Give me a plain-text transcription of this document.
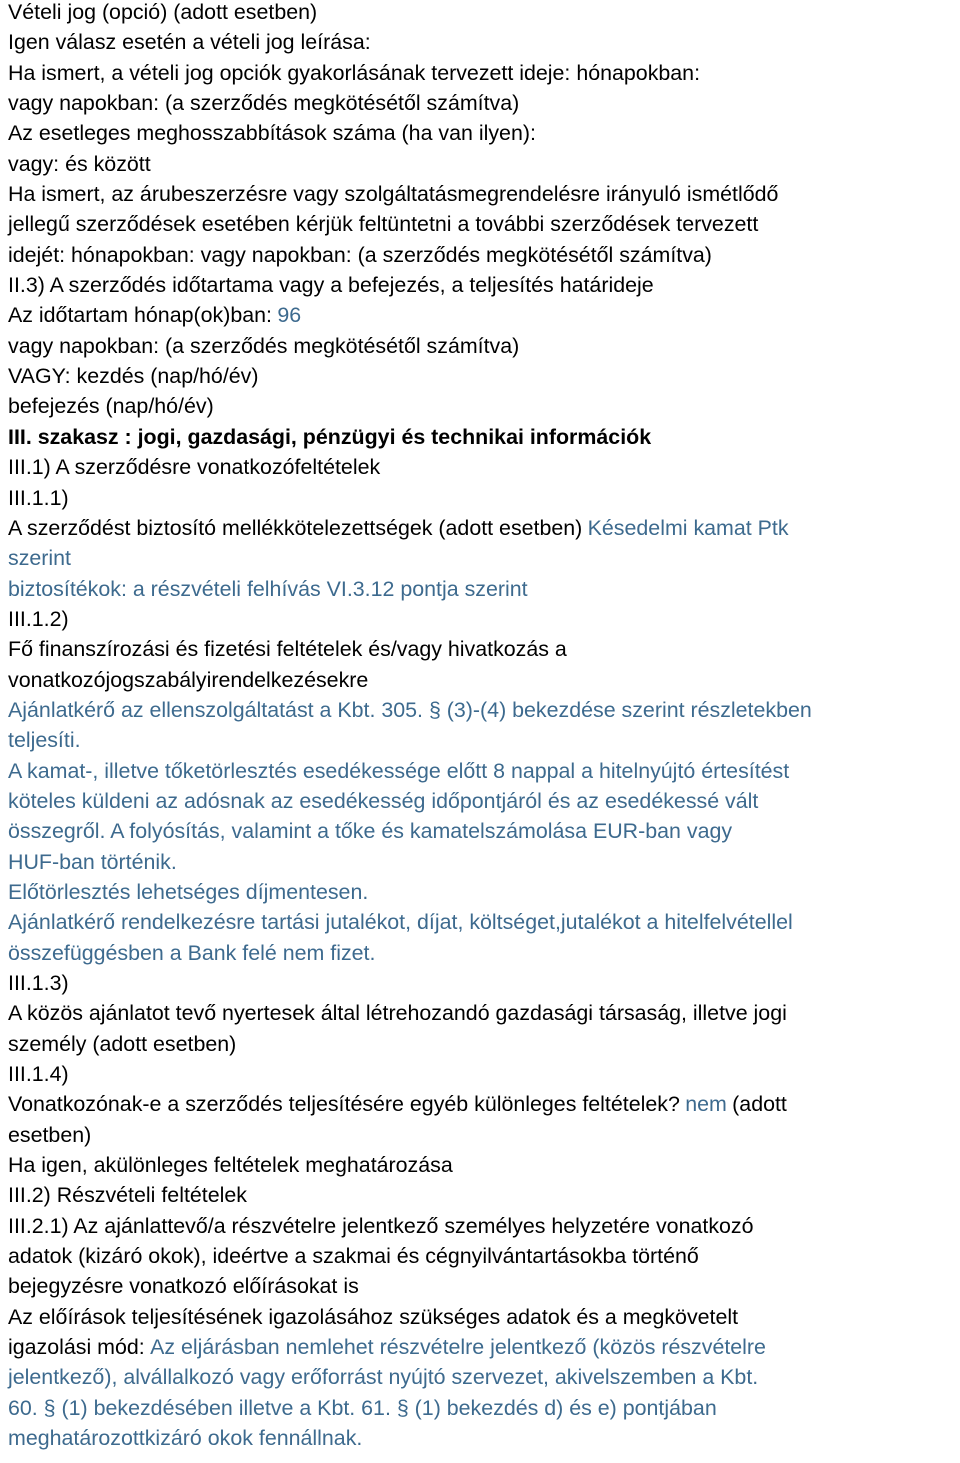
Vételi jog (opció) (adott esetben)
Igen válasz esetén a vételi jog leírása:
Ha ismert, a vételi jog opciók gyakorlásának tervezett ideje: hónapokban:
vagy napokban: (a szerződés megkötésétől számítva)
Az esetleges meghosszabbítások száma (ha van ilyen):
vagy: és között
Ha ismert, az árubeszerzésre vagy szolgáltatásmegrendelésre irányuló ismétlődő
jellegű szerződések esetében kérjük feltüntetni a további szerződések tervezett
idejét: hónapokban: vagy napokban: (a szerződés megkötésétől számítva)
II.3) A szerződés időtartama vagy a befejezés, a teljesítés határideje
Az időtartam hónap(ok)ban: 96
vagy napokban: (a szerződés megkötésétől számítva)
VAGY: kezdés (nap/hó/év)
befejezés (nap/hó/év)
III. szakasz : jogi, gazdasági, pénzügyi és technikai információk
III.1) A szerződésre vonatkozófeltételek
III.1.1)
A szerződést biztosító mellékkötelezettségek (adott esetben) Késedelmi kamat Ptk
szerint
biztosítékok: a részvételi felhívás VI.3.12 pontja szerint
III.1.2)
Fő finanszírozási és fizetési feltételek és/vagy hivatkozás a
vonatkozójogszabályirendelkezésekre
Ajánlatkérő az ellenszolgáltatást a Kbt. 305. § (3)-(4) bekezdése szerint részletekben
teljesíti.
A kamat-, illetve tőketörlesztés esedékessége előtt 8 nappal a hitelnyújtó értesítést
köteles küldeni az adósnak az esedékesség időpontjáról és az esedékessé vált
összegről. A folyósítás, valamint a tőke és kamatelszámolása EUR-ban vagy
HUF-ban történik.
Előtörlesztés lehetséges díjmentesen.
Ajánlatkérő rendelkezésre tartási jutalékot, díjat, költséget,jutalékot a hitelfelvétellel
összefüggésben a Bank felé nem fizet.
III.1.3)
A közös ajánlatot tevő nyertesek által létrehozandó gazdasági társaság, illetve jogi
személy (adott esetben)
III.1.4)
Vonatkozónak-e a szerződés teljesítésére egyéb különleges feltételek? nem (adott
esetben)
Ha igen, akülönleges feltételek meghatározása
III.2) Részvételi feltételek
III.2.1) Az ajánlattevő/a részvételre jelentkező személyes helyzetére vonatkozó
adatok (kizáró okok), ideértve a szakmai és cégnyilvántartásokba történő
bejegyzésre vonatkozó előírásokat is
Az előírások teljesítésének igazolásához szükséges adatok és a megkövetelt
igazolási mód: Az eljárásban nemlehet részvételre jelentkező (közös részvételre
jelentkező), alvállalkozó vagy erőforrást nyújtó szervezet, akivelszemben a Kbt.
60. § (1) bekezdésében illetve a Kbt. 61. § (1) bekezdés d) és e) pontjában
meghatározottkizáró okok fennállnak.
